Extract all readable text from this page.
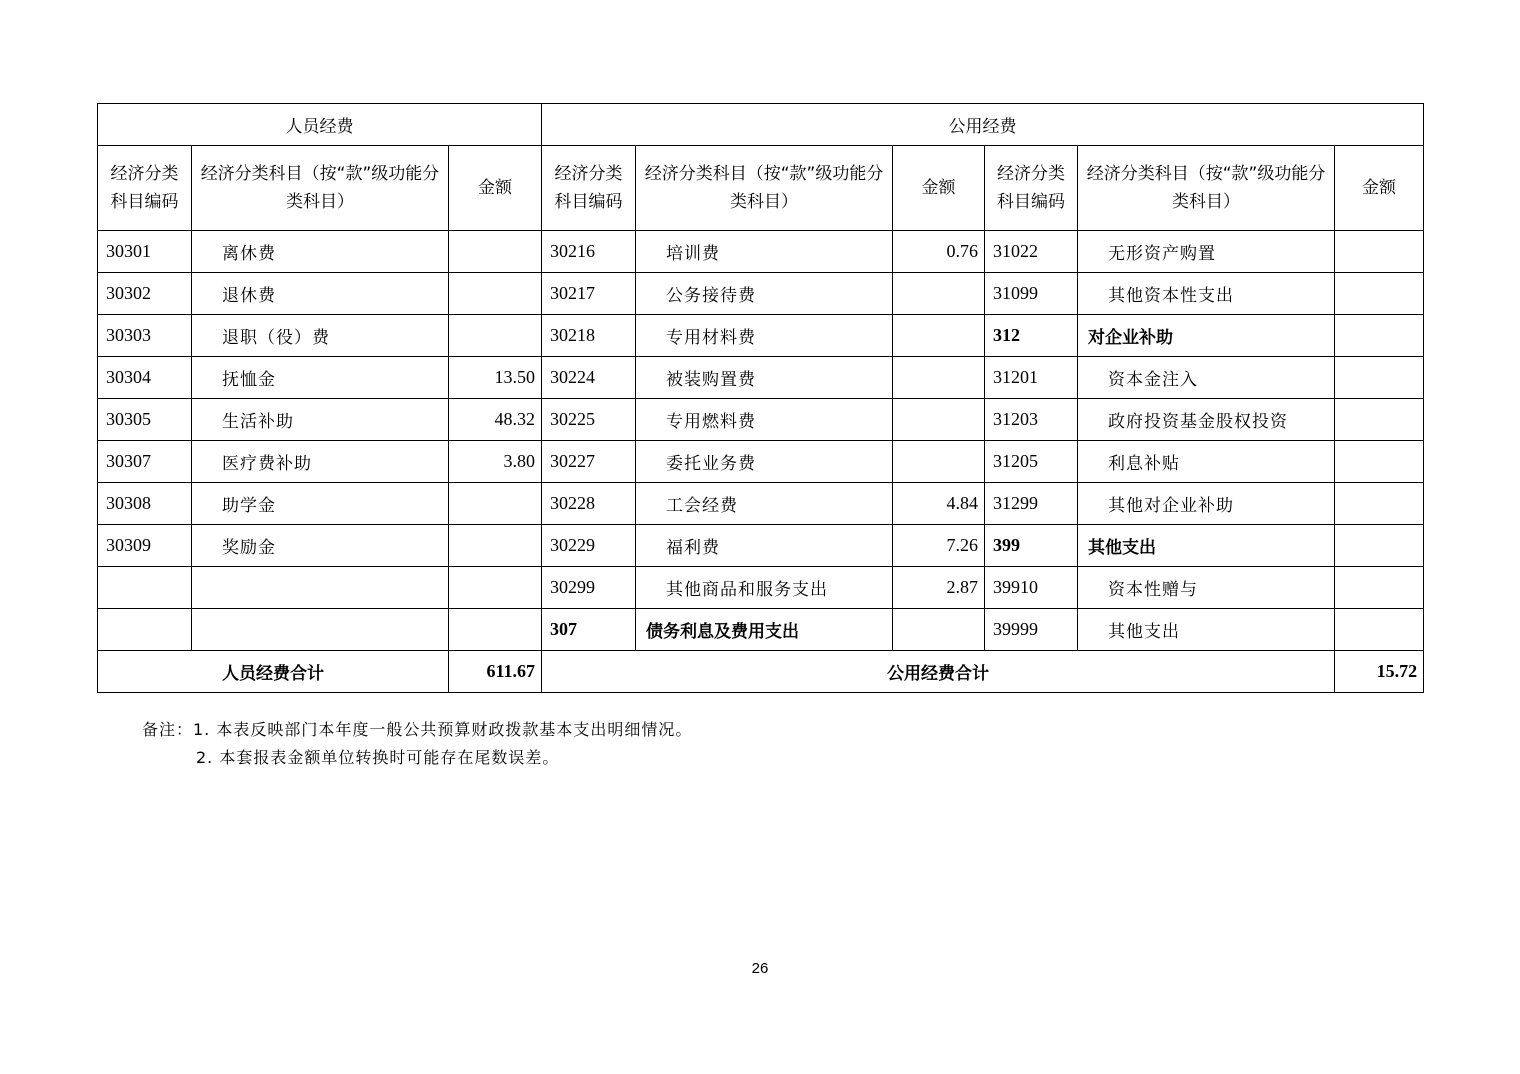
人员经费			公用经费					
经济分类科目编码	经济分类科目（按“款”级功能分类科目）	金额	经济分类科目编码	经济分类科目（按“款”级功能分类科目）	金额	经济分类科目编码	经济分类科目（按“款”级功能分类科目）	金额
30301	离休费		30216	培训费	0.76	31022	无形资产购置	
30302	退休费		30217	公务接待费		31099	其他资本性支出	
30303	退职（役）费		30218	专用材料费		312	对企业补助	
30304	抚恤金	13.50	30224	被装购置费		31201	资本金注入	
30305	生活补助	48.32	30225	专用燃料费		31203	政府投资基金股权投资	
30307	医疗费补助	3.80	30227	委托业务费		31205	利息补贴	
30308	助学金		30228	工会经费	4.84	31299	其他对企业补助	
30309	奖励金		30229	福利费	7.26	399	其他支出	
			30299	其他商品和服务支出	2.87	39910	资本性赠与	
			307	债务利息及费用支出		39999	其他支出	
人员经费合计		611.67	公用经费合计					15.72
备注：1. 本表反映部门本年度一般公共预算财政拨款基本支出明细情况。
2. 本套报表金额单位转换时可能存在尾数误差。
26
